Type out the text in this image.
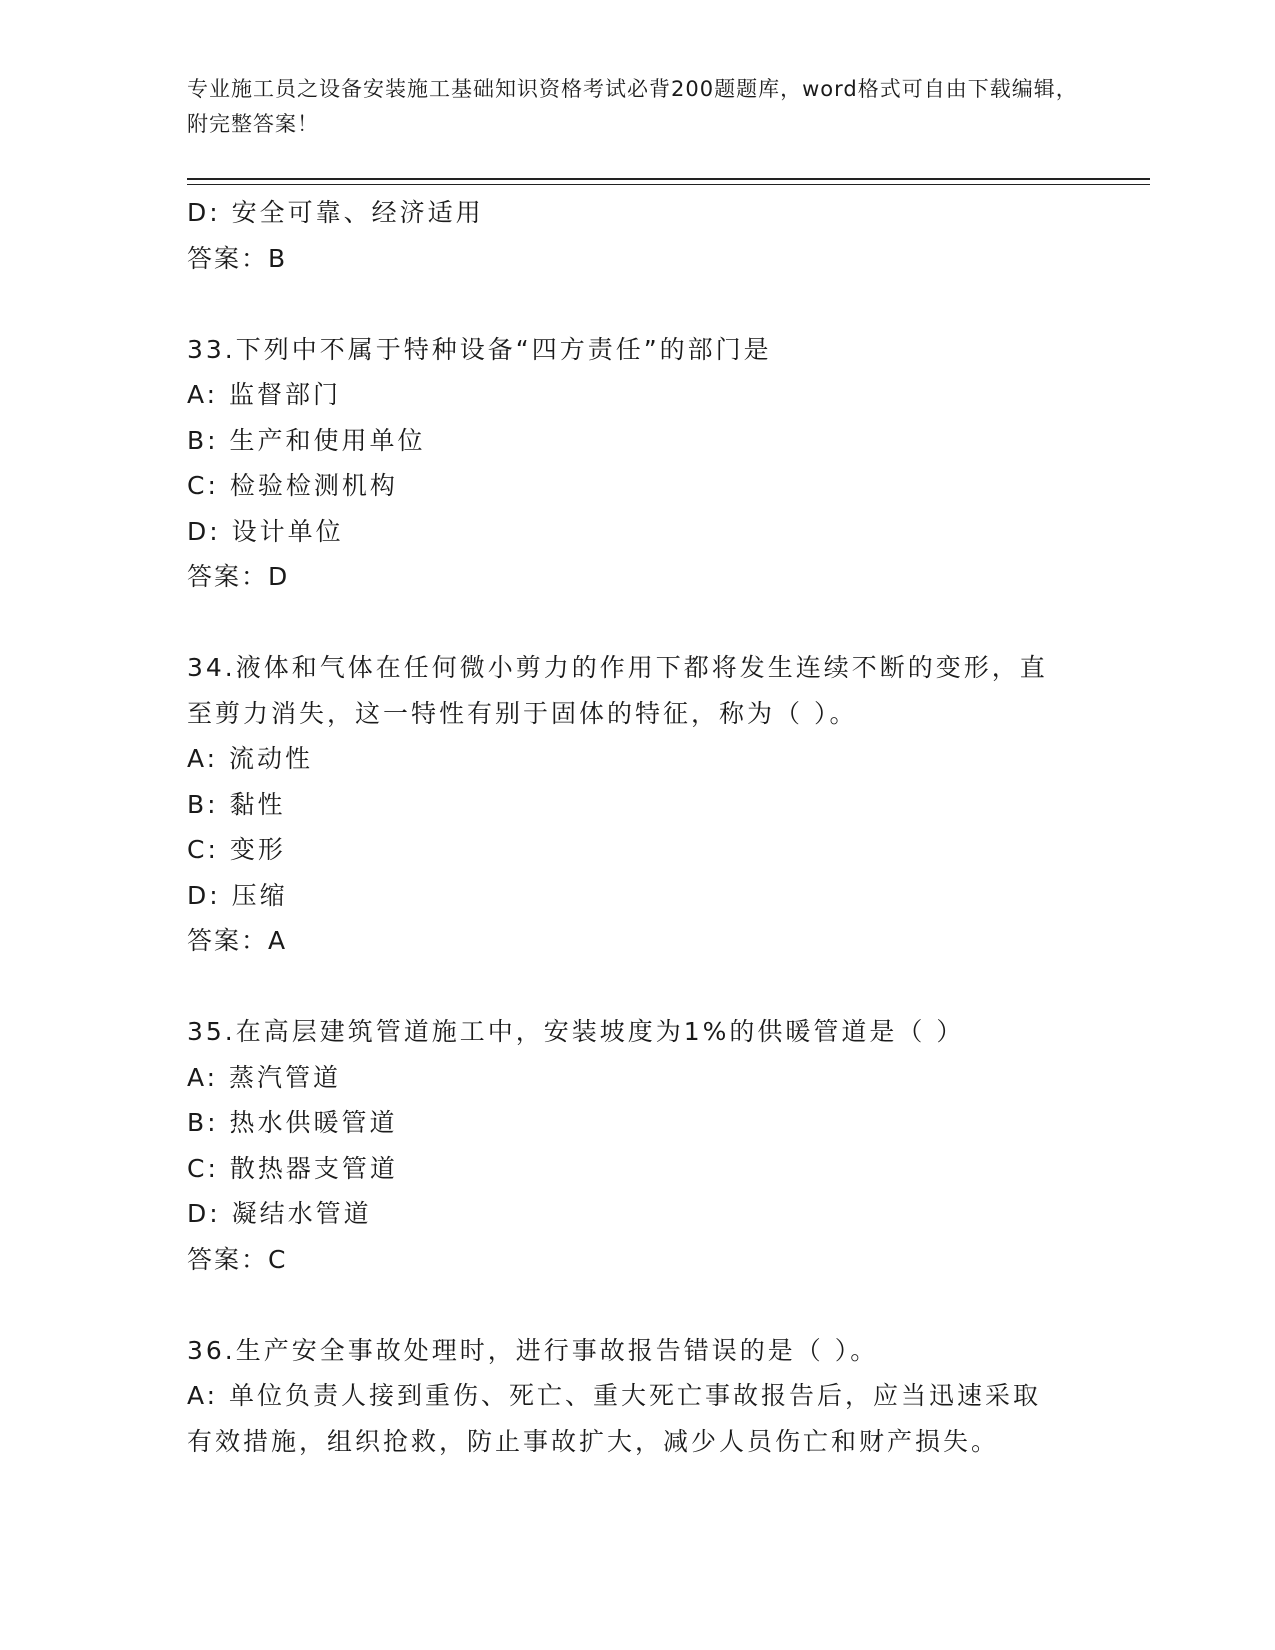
专业施工员之设备安装施工基础知识资格考试必背200题题库，word格式可自由下载编辑，附完整答案！
D: 安全可靠、经济适用
答案：B
33.下列中不属于特种设备“四方责任”的部门是
A: 监督部门
B: 生产和使用单位
C: 检验检测机构
D: 设计单位
答案：D
34.液体和气体在任何微小剪力的作用下都将发生连续不断的变形，直至剪力消失，这一特性有别于固体的特征，称为（ ）。
A: 流动性
B: 黏性
C: 变形
D: 压缩
答案：A
35.在高层建筑管道施工中，安装坡度为1%的供暖管道是（ ）
A: 蒸汽管道
B: 热水供暖管道
C: 散热器支管道
D: 凝结水管道
答案：C
36.生产安全事故处理时，进行事故报告错误的是（ ）。
A: 单位负责人接到重伤、死亡、重大死亡事故报告后，应当迅速采取有效措施，组织抢救，防止事故扩大，减少人员伤亡和财产损失。
